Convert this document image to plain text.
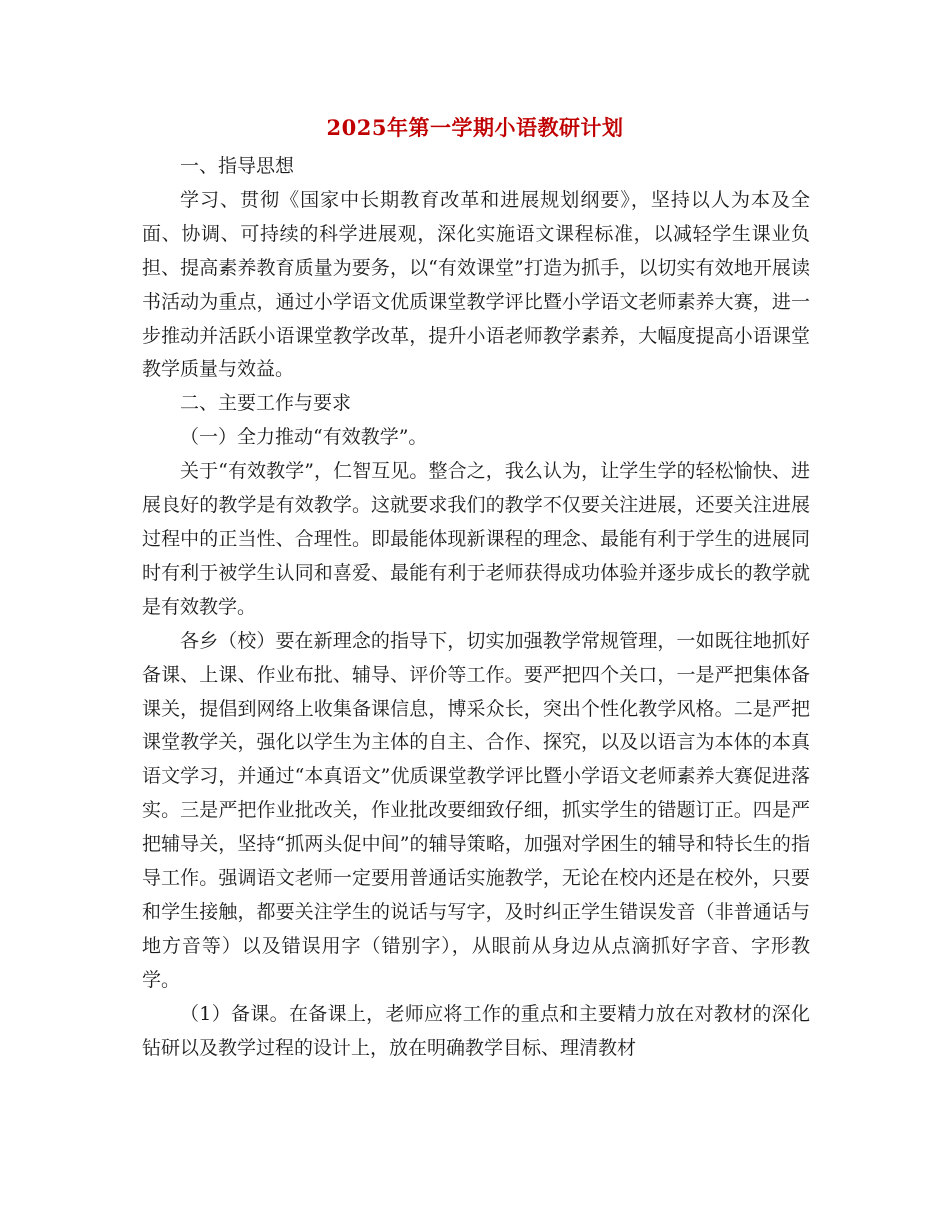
2025年第一学期小语教研计划

一、指导思想

学习、贯彻《国家中长期教育改革和进展规划纲要》，坚持以人为本及全面、协调、可持续的科学进展观，深化实施语文课程标准，以减轻学生课业负担、提高素养教育质量为要务，以“有效课堂”打造为抓手，以切实有效地开展读书活动为重点，通过小学语文优质课堂教学评比暨小学语文老师素养大赛，进一步推动并活跃小语课堂教学改革，提升小语老师教学素养，大幅度提高小语课堂教学质量与效益。

二、主要工作与要求

（一）全力推动“有效教学”。

关于“有效教学”，仁智互见。整合之，我么认为，让学生学的轻松愉快、进展良好的教学是有效教学。这就要求我们的教学不仅要关注进展，还要关注进展过程中的正当性、合理性。即最能体现新课程的理念、最能有利于学生的进展同时有利于被学生认同和喜爱、最能有利于老师获得成功体验并逐步成长的教学就是有效教学。

各乡（校）要在新理念的指导下，切实加强教学常规管理，一如既往地抓好备课、上课、作业布批、辅导、评价等工作。要严把四个关口，一是严把集体备课关，提倡到网络上收集备课信息，博采众长，突出个性化教学风格。二是严把课堂教学关，强化以学生为主体的自主、合作、探究，以及以语言为本体的本真语文学习，并通过“本真语文”优质课堂教学评比暨小学语文老师素养大赛促进落实。三是严把作业批改关，作业批改要细致仔细，抓实学生的错题订正。四是严把辅导关，坚持“抓两头促中间”的辅导策略，加强对学困生的辅导和特长生的指导工作。强调语文老师一定要用普通话实施教学，无论在校内还是在校外，只要和学生接触，都要关注学生的说话与写字，及时纠正学生错误发音（非普通话与地方音等）以及错误用字（错别字），从眼前从身边从点滴抓好字音、字形教学。

（1）备课。在备课上，老师应将工作的重点和主要精力放在对教材的深化钻研以及教学过程的设计上，放在明确教学目标、理清教材
